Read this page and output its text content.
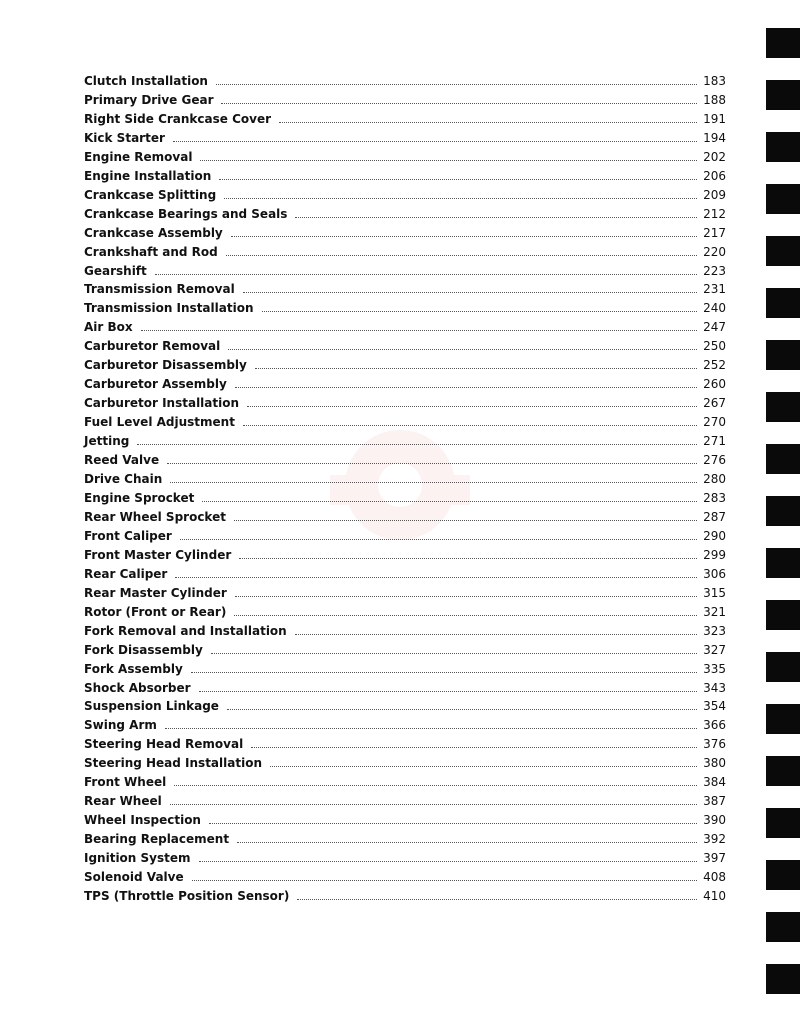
Clutch Installation	183
Primary Drive Gear	188
Right Side Crankcase Cover	191
Kick Starter	194
Engine Removal	202
Engine Installation	206
Crankcase Splitting	209
Crankcase Bearings and Seals	212
Crankcase Assembly	217
Crankshaft and Rod	220
Gearshift	223
Transmission Removal	231
Transmission Installation	240
Air Box	247
Carburetor Removal	250
Carburetor Disassembly	252
Carburetor Assembly	260
Carburetor Installation	267
Fuel Level Adjustment	270
Jetting	271
Reed Valve	276
Drive Chain	280
Engine Sprocket	283
Rear Wheel Sprocket	287
Front Caliper	290
Front Master Cylinder	299
Rear Caliper	306
Rear Master Cylinder	315
Rotor (Front or Rear)	321
Fork Removal and Installation	323
Fork Disassembly	327
Fork Assembly	335
Shock Absorber	343
Suspension Linkage	354
Swing Arm	366
Steering Head Removal	376
Steering Head Installation	380
Front Wheel	384
Rear Wheel	387
Wheel Inspection	390
Bearing Replacement	392
Ignition System	397
Solenoid Valve	408
TPS (Throttle Position Sensor)	410
